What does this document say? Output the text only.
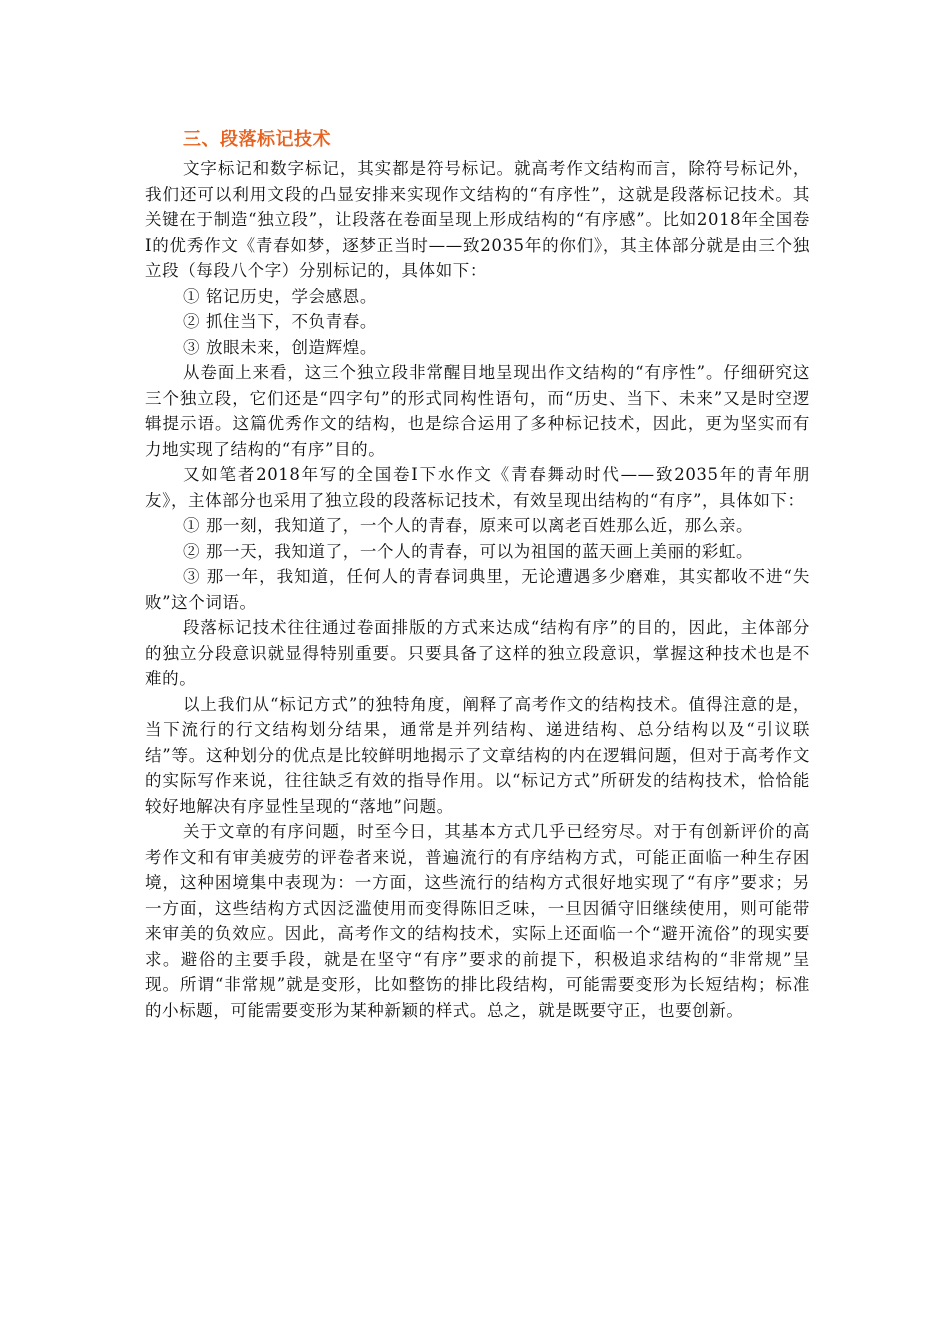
三、段落标记技术

文字标记和数字标记，其实都是符号标记。就高考作文结构而言，除符号标记外，我们还可以利用文段的凸显安排来实现作文结构的“有序性”，这就是段落标记技术。其关键在于制造“独立段”，让段落在卷面呈现上形成结构的“有序感”。比如2018年全国卷Ⅰ的优秀作文《青春如梦，逐梦正当时——致2035年的你们》，其主体部分就是由三个独立段（每段八个字）分别标记的，具体如下：

① 铭记历史，学会感恩。

② 抓住当下，不负青春。

③ 放眼未来，创造辉煌。

从卷面上来看，这三个独立段非常醒目地呈现出作文结构的“有序性”。仔细研究这三个独立段，它们还是“四字句”的形式同构性语句，而“历史、当下、未来”又是时空逻辑提示语。这篇优秀作文的结构，也是综合运用了多种标记技术，因此，更为坚实而有力地实现了结构的“有序”目的。

又如笔者2018年写的全国卷Ⅰ下水作文《青春舞动时代——致2035年的青年朋友》，主体部分也采用了独立段的段落标记技术，有效呈现出结构的“有序”，具体如下：

① 那一刻，我知道了，一个人的青春，原来可以离老百姓那么近，那么亲。

② 那一天，我知道了，一个人的青春，可以为祖国的蓝天画上美丽的彩虹。

③ 那一年，我知道，任何人的青春词典里，无论遭遇多少磨难，其实都收不进“失败”这个词语。

段落标记技术往往通过卷面排版的方式来达成“结构有序”的目的，因此，主体部分的独立分段意识就显得特别重要。只要具备了这样的独立段意识，掌握这种技术也是不难的。

以上我们从“标记方式”的独特角度，阐释了高考作文的结构技术。值得注意的是，当下流行的行文结构划分结果，通常是并列结构、递进结构、总分结构以及“引议联结”等。这种划分的优点是比较鲜明地揭示了文章结构的内在逻辑问题，但对于高考作文的实际写作来说，往往缺乏有效的指导作用。以“标记方式”所研发的结构技术，恰恰能较好地解决有序显性呈现的“落地”问题。

关于文章的有序问题，时至今日，其基本方式几乎已经穷尽。对于有创新评价的高考作文和有审美疲劳的评卷者来说，普遍流行的有序结构方式，可能正面临一种生存困境，这种困境集中表现为：一方面，这些流行的结构方式很好地实现了“有序”要求；另一方面，这些结构方式因泛滥使用而变得陈旧乏味，一旦因循守旧继续使用，则可能带来审美的负效应。因此，高考作文的结构技术，实际上还面临一个“避开流俗”的现实要求。避俗的主要手段，就是在坚守“有序”要求的前提下，积极追求结构的“非常规”呈现。所谓“非常规”就是变形，比如整饬的排比段结构，可能需要变形为长短结构；标准的小标题，可能需要变形为某种新颖的样式。总之，就是既要守正，也要创新。
